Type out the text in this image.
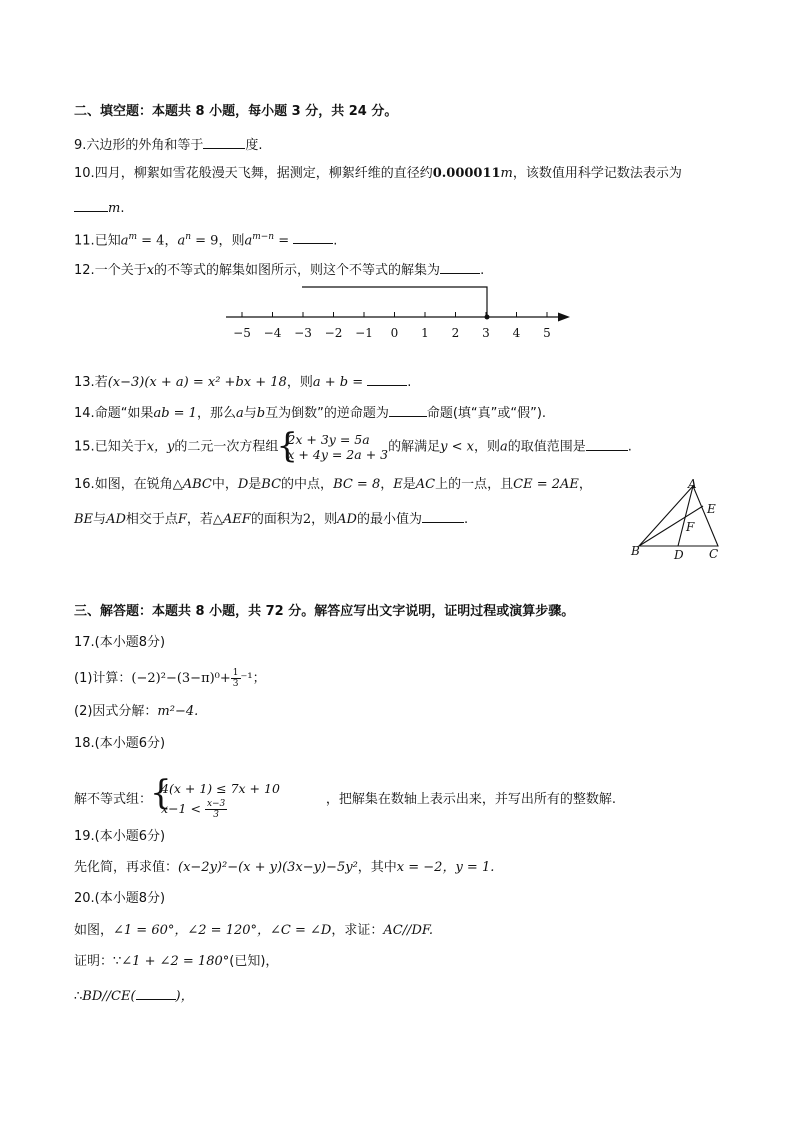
二、填空题：本题共 8 小题，每小题 3 分，共 24 分。
9.六边形的外角和等于	度.
10.四月，柳絮如雪花般漫天飞舞，据测定，柳絮纤维的直径约0.000011m，该数值用科学记数法表示为
m.
11.已知$a^m = 4$，$a^n = 9$，则$a^{m-n}$ =	.
12.一个关于x的不等式的解集如图所示，则这个不等式的解集为	.
−5 −4 −3 −2 −1 0 1 2 3 4 5
13.若(x−3)(x + a) = x² +bx + 18，则a + b =	.
14.命题“如果ab = 1，那么a与b互为倒数”的逆命题为	命题(填“真”或“假”).
15.已知关于x，y的二元一次方程组
{ 2x + 3y = 5a
x + 4y = 2a + 3 的解满足y < x，则a的取值范围是	.
16.如图，在锐角△ABC中，D是BC的中点，BC = 8，E是AC上的一点，且CE = 2AE，
BE与AD相交于点F，若△AEF的面积为2，则AD的最小值为	.
A
B	C
D
E
F
三、解答题：本题共 8 小题，共 72 分。解答应写出文字说明，证明过程或演算步骤。
17.(本小题8分)
(1)计算：$(-2)^2-(3-\pi)^0+ \frac{1}{3} ^{-1}$；
(2)因式分解：m²−4.
18.(本小题6分)
解不等式组：
{ 4(x + 1) ≤ 7x + 10
$x-1 < \frac{x-3}{3}$	，把解集在数轴上表示出来，并写出所有的整数解.
19.(本小题6分)
先化简，再求值：(x−2y)²−(x + y)(3x−y)−5y²，其中x = −2，y = 1.
20.(本小题8分)
如图，∠1 = 60°，∠2 = 120°，∠C = ∠D，求证：AC//DF.
证明：∵∠1 + ∠2 = 180°(已知)，
∴BD//CE(	)，
